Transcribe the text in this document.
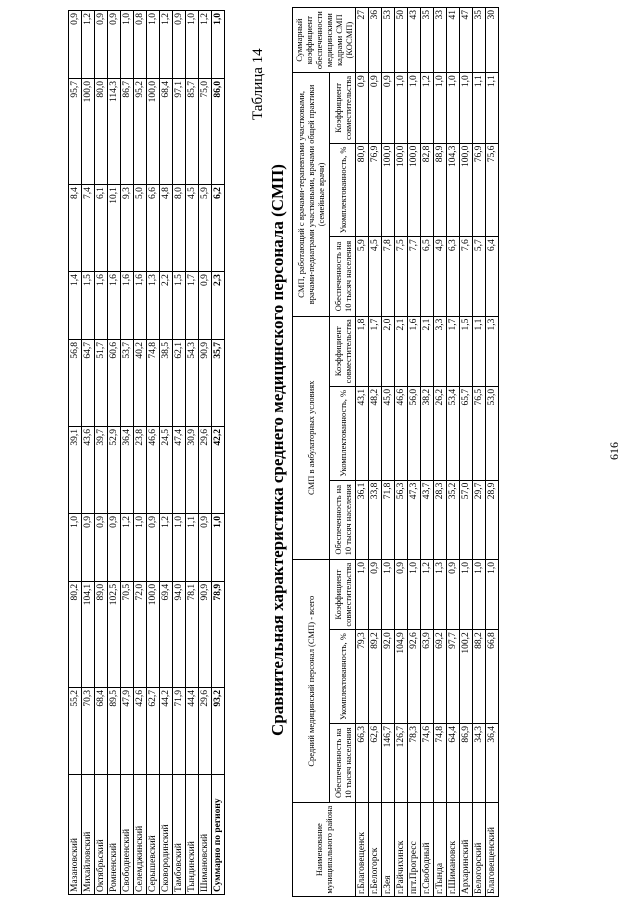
616
Мазановский	55,2	80,2	1,0	39,1	56,8	1,4	8,4	95,7	0,9
Михайловский	70,3	104,1	0,9	43,6	64,7	1,5	7,4	100,0	1,2
Октябрьский	68,4	89,0	0,9	39,7	51,7	1,6	6,1	80,0	0,9
Ромненский	89,5	102,5	0,9	52,9	60,6	1,6	10,1	114,3	0,9
Свободненский	47,9	70,5	1,2	36,4	53,7	1,6	9,3	86,7	1,0
Селемджинский	42,6	72,0	1,0	23,8	40,2	1,6	5,0	95,2	0,8
Серышевский	62,7	100,0	0,9	46,6	74,8	1,3	6,6	100,0	1,0
Сковородинский	44,2	69,4	1,2	24,5	38,5	2,2	4,8	68,4	1,2
Тамбовский	71,9	94,0	1,0	47,4	62,1	1,5	8,0	97,1	0,9
Тындинский	44,4	78,1	1,1	30,9	54,3	1,7	4,5	85,7	1,0
Шимановский	29,6	90,9	0,9	29,6	90,9	0,9	5,9	75,0	1,2
Суммарно по региону	93,2	78,9	1,0	42,2	35,7	2,3	6,2	86,0	1,0
Таблица 14
Сравнительная характеристика среднего медицинского персонала (СМП)
Наименование муниципального района	Средний медицинский персонал (СМП) - всего			СМП в амбулаторных условиях			СМП, работающий с врачами-терапевтами участковыми, врачами-педиатрами участковыми, врачами общей практики (семейные врачи)			Суммарный коэффициент обеспеченности медицинскими кадрами СМП (КОСМП)
	Обеспеченность на 10 тысяч населения	Укомплектованность, %	Коэффициент совместительства	Обеспеченность на 10 тысяч населения	Укомплектованность, %	Коэффициент совместительства	Обеспеченность на 10 тысяч населения	Укомплектованность, %	Коэффициент совместительства	
г.Благовещенск	66,3	79,3	1,0	36,1	43,1	1,8	5,9	80,0	0,9	27
г.Белогорск	62,6	89,2	0,9	33,8	48,2	1,7	4,5	76,9	0,9	36
г.Зея	146,7	92,0	1,0	71,8	45,0	2,0	7,8	100,0	0,9	53
г.Райчихинск	126,7	104,9	0,9	56,3	46,6	2,1	7,5	100,0	1,0	50
пгт.Прогресс	78,3	92,6	1,0	47,3	56,0	1,6	7,7	100,0	1,0	43
г.Свободный	74,6	63,9	1,2	43,7	38,2	2,1	6,5	82,8	1,2	35
г.Тында	74,8	69,2	1,3	28,3	26,2	3,3	4,9	88,9	1,0	33
г.Шимановск	64,4	97,7	0,9	35,2	53,4	1,7	6,3	104,3	1,0	41
Архаринский	86,9	100,2	1,0	57,0	65,7	1,5	7,6	100,0	1,0	47
Белогорский	34,3	88,2	1,0	29,7	76,5	1,1	5,7	76,9	1,1	35
Благовещенский	36,4	66,8	1,0	28,9	53,0	1,3	6,4	75,6	1,1	30
